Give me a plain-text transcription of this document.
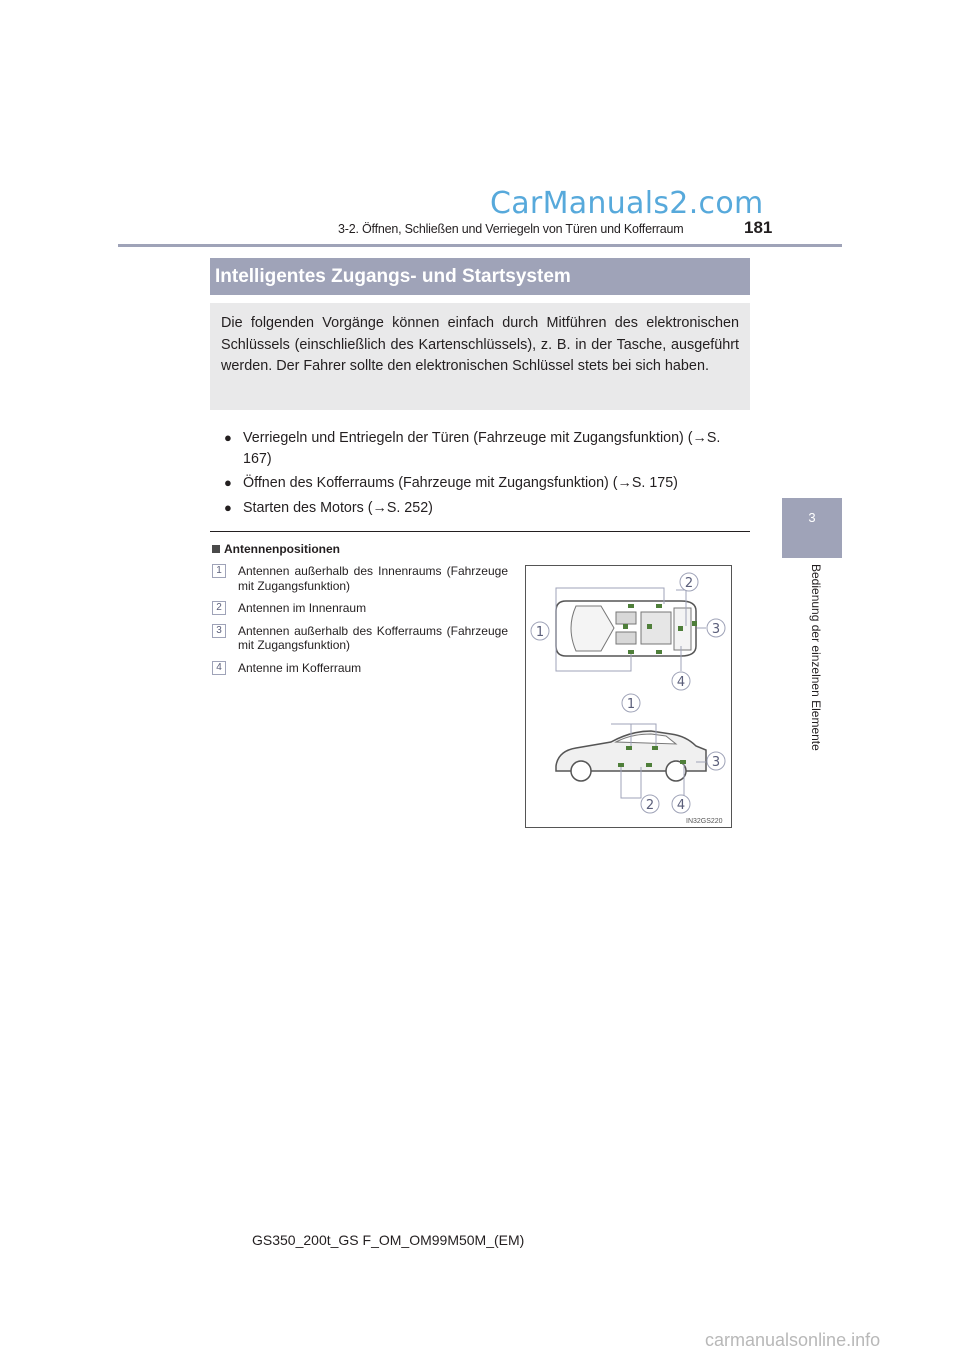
CarManuals2.com
3-2. Öffnen, Schließen und Verriegeln von Türen und Kofferraum	181
3
Bedienung der einzelnen Elemente
Intelligentes Zugangs- und Startsystem
Die folgenden Vorgänge können einfach durch Mitführen des elektronischen Schlüssels (einschließlich des Kartenschlüssels), z. B. in der Tasche, ausgeführt werden. Der Fahrer sollte den elektronischen Schlüssel stets bei sich haben.
● Verriegeln und Entriegeln der Türen (Fahrzeuge mit Zugangsfunktion) (→S. 167)
● Öffnen des Kofferraums (Fahrzeuge mit Zugangsfunktion) (→S. 175)
● Starten des Motors (→S. 252)
Antennenpositionen
1	Antennen außerhalb des Innenraums (Fahrzeuge mit Zugangsfunktion)
2	Antennen im Innenraum
3	Antennen außerhalb des Kofferraums (Fahrzeuge mit Zugangsfunktion)
4	Antenne im Kofferraum
1
2
3
4
1
2
3
4
IN32GS220
GS350_200t_GS F_OM_OM99M50M_(EM)
carmanualsonline.info
